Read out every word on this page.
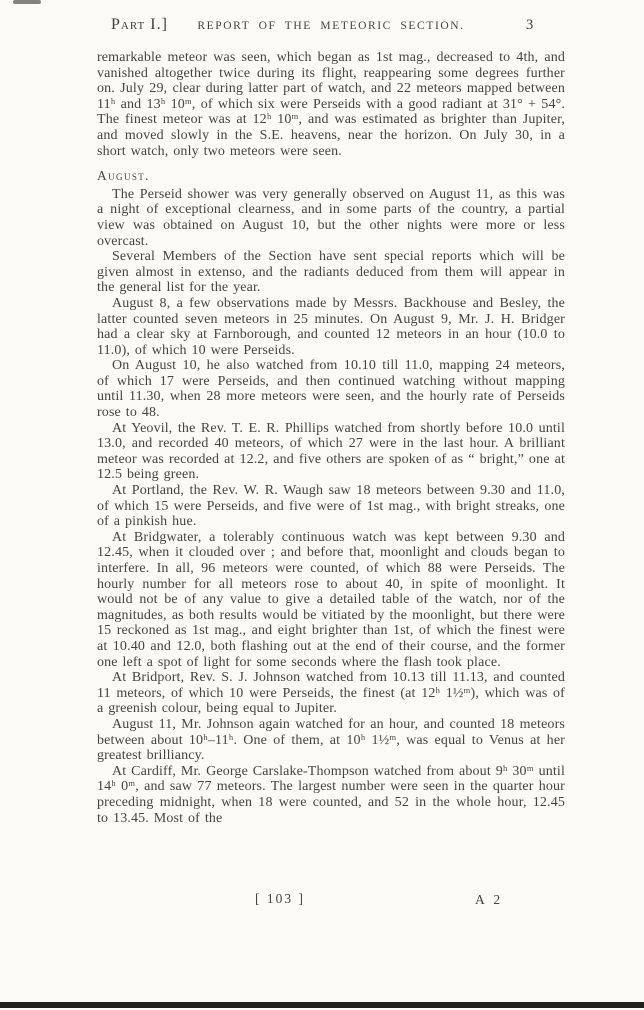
Part I.]	REPORT OF THE METEORIC SECTION.	3

remarkable meteor was seen, which began as 1st mag., decreased to 4th, and vanished altogether twice during its flight, reappearing some degrees further on. July 29, clear during latter part of watch, and 22 meteors mapped between 11ʰ and 13ʰ 10ᵐ, of which six were Perseids with a good radiant at 31° + 54°. The finest meteor was at 12ʰ 10ᵐ, and was estimated as brighter than Jupiter, and moved slowly in the S.E. heavens, near the horizon. On July 30, in a short watch, only two meteors were seen.

August.

The Perseid shower was very generally observed on August 11, as this was a night of exceptional clearness, and in some parts of the country, a partial view was obtained on August 10, but the other nights were more or less overcast.

Several Members of the Section have sent special reports which will be given almost in extenso, and the radiants deduced from them will appear in the general list for the year.

August 8, a few observations made by Messrs. Backhouse and Besley, the latter counted seven meteors in 25 minutes. On August 9, Mr. J. H. Bridger had a clear sky at Farnborough, and counted 12 meteors in an hour (10.0 to 11.0), of which 10 were Perseids.

On August 10, he also watched from 10.10 till 11.0, mapping 24 meteors, of which 17 were Perseids, and then continued watching without mapping until 11.30, when 28 more meteors were seen, and the hourly rate of Perseids rose to 48.

At Yeovil, the Rev. T. E. R. Phillips watched from shortly before 10.0 until 13.0, and recorded 40 meteors, of which 27 were in the last hour. A brilliant meteor was recorded at 12.2, and five others are spoken of as “ bright,” one at 12.5 being green.

At Portland, the Rev. W. R. Waugh saw 18 meteors between 9.30 and 11.0, of which 15 were Perseids, and five were of 1st mag., with bright streaks, one of a pinkish hue.

At Bridgwater, a tolerably continuous watch was kept between 9.30 and 12.45, when it clouded over ; and before that, moonlight and clouds began to interfere. In all, 96 meteors were counted, of which 88 were Perseids. The hourly number for all meteors rose to about 40, in spite of moonlight. It would not be of any value to give a detailed table of the watch, nor of the magnitudes, as both results would be vitiated by the moonlight, but there were 15 reckoned as 1st mag., and eight brighter than 1st, of which the finest were at 10.40 and 12.0, both flashing out at the end of their course, and the former one left a spot of light for some seconds where the flash took place.

At Bridport, Rev. S. J. Johnson watched from 10.13 till 11.13, and counted 11 meteors, of which 10 were Perseids, the finest (at 12ʰ 1½ᵐ), which was of a greenish colour, being equal to Jupiter.

August 11, Mr. Johnson again watched for an hour, and counted 18 meteors between about 10ʰ–11ʰ. One of them, at 10ʰ 1½ᵐ, was equal to Venus at her greatest brilliancy.

At Cardiff, Mr. George Carslake-Thompson watched from about 9ʰ 30ᵐ until 14ʰ 0ᵐ, and saw 77 meteors. The largest number were seen in the quarter hour preceding midnight, when 18 were counted, and 52 in the whole hour, 12.45 to 13.45. Most of the

[ 103 ]	A 2
